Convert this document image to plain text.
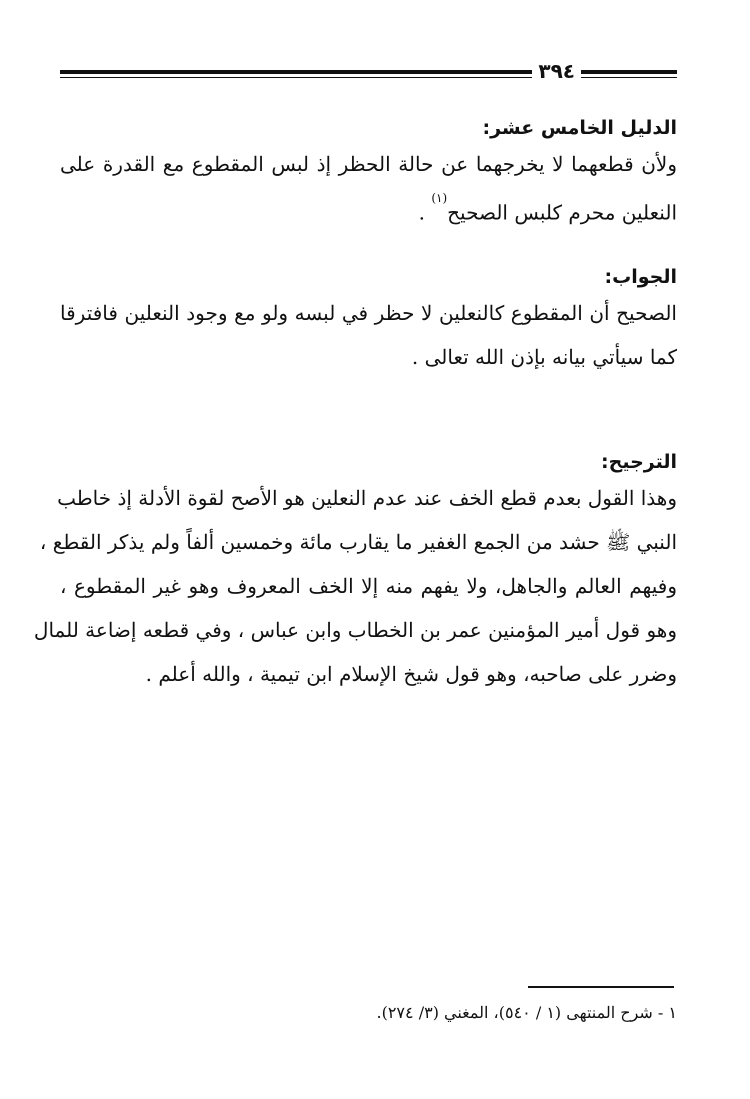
٣٩٤

الدليل الخامس عشر:

ولأن قطعهما لا يخرجهما عن حالة الحظر إذ لبس المقطوع مع القدرة على
النعلين محرم كلبس الصحيح$^{(١)}$ .

الجواب:

الصحيح أن المقطوع كالنعلين لا حظر في لبسه ولو مع وجود النعلين فافترقا
كما سيأتي بيانه بإذن الله تعالى .

الترجيح:

وهذا القول بعدم قطع الخف عند عدم النعلين هو الأصح لقوة الأدلة إذ خاطب
النبي ﷺ حشد من الجمع الغفير ما يقارب مائة وخمسين ألفاً ولم يذكر القطع ،
وفيهم العالم والجاهل، ولا يفهم منه إلا الخف المعروف وهو غير المقطوع ،
وهو قول أمير المؤمنين عمر بن الخطاب وابن عباس ، وفي قطعه إضاعة للمال
وضرر على صاحبه، وهو قول شيخ الإسلام ابن تيمية ، والله أعلم .

١ - شرح المنتهى (١ / ٥٤٠)، المغني (٣/ ٢٧٤).
